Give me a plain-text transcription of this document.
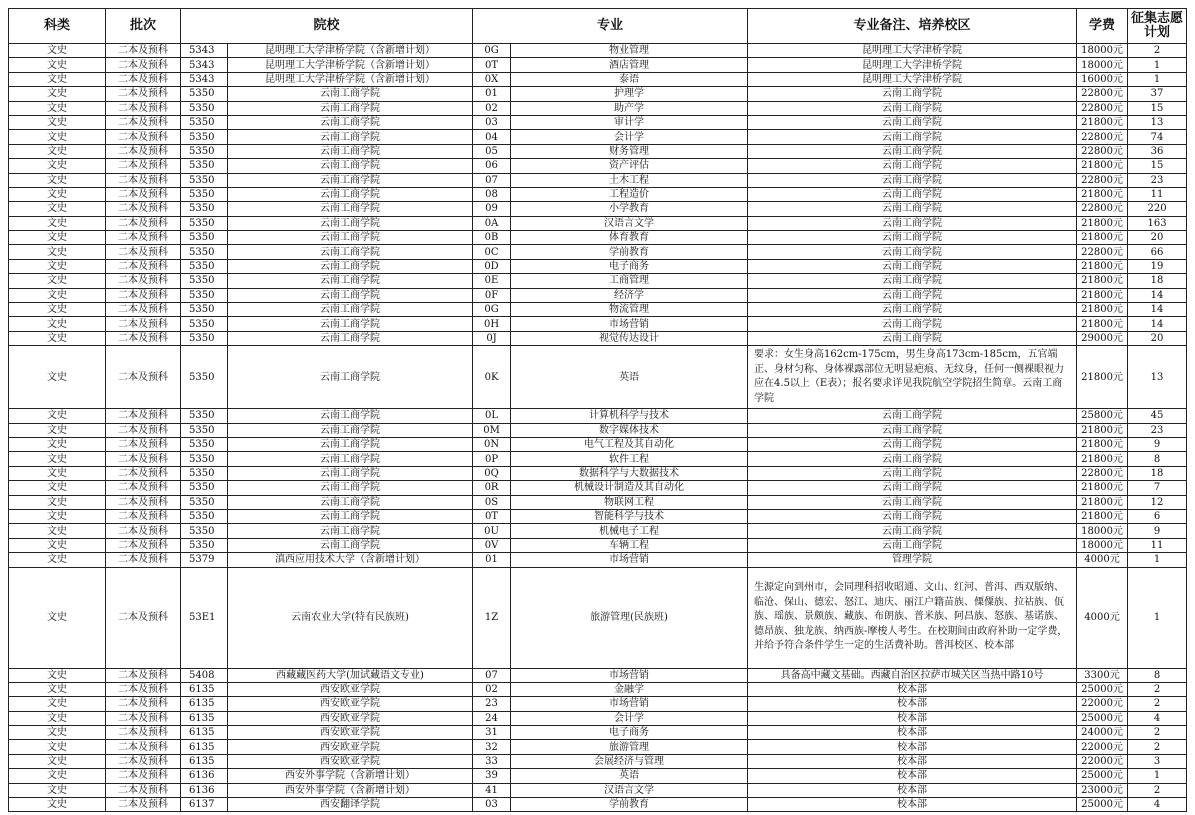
科类	批次	院校		专业		专业备注、培养校区	学费	征集志愿计划
文史	二本及预科	5343	昆明理工大学津桥学院（含新增计划）	0G	物业管理	昆明理工大学津桥学院	18000元	2
文史	二本及预科	5343	昆明理工大学津桥学院（含新增计划）	0T	酒店管理	昆明理工大学津桥学院	18000元	1
文史	二本及预科	5343	昆明理工大学津桥学院（含新增计划）	0X	泰语	昆明理工大学津桥学院	16000元	1
文史	二本及预科	5350	云南工商学院	01	护理学	云南工商学院	22800元	37
文史	二本及预科	5350	云南工商学院	02	助产学	云南工商学院	22800元	15
文史	二本及预科	5350	云南工商学院	03	审计学	云南工商学院	21800元	13
文史	二本及预科	5350	云南工商学院	04	会计学	云南工商学院	22800元	74
文史	二本及预科	5350	云南工商学院	05	财务管理	云南工商学院	22800元	36
文史	二本及预科	5350	云南工商学院	06	资产评估	云南工商学院	21800元	15
文史	二本及预科	5350	云南工商学院	07	土木工程	云南工商学院	22800元	23
文史	二本及预科	5350	云南工商学院	08	工程造价	云南工商学院	21800元	11
文史	二本及预科	5350	云南工商学院	09	小学教育	云南工商学院	22800元	220
文史	二本及预科	5350	云南工商学院	0A	汉语言文学	云南工商学院	21800元	163
文史	二本及预科	5350	云南工商学院	0B	体育教育	云南工商学院	21800元	20
文史	二本及预科	5350	云南工商学院	0C	学前教育	云南工商学院	22800元	66
文史	二本及预科	5350	云南工商学院	0D	电子商务	云南工商学院	21800元	19
文史	二本及预科	5350	云南工商学院	0E	工商管理	云南工商学院	21800元	18
文史	二本及预科	5350	云南工商学院	0F	经济学	云南工商学院	21800元	14
文史	二本及预科	5350	云南工商学院	0G	物流管理	云南工商学院	21800元	14
文史	二本及预科	5350	云南工商学院	0H	市场营销	云南工商学院	21800元	14
文史	二本及预科	5350	云南工商学院	0J	视觉传达设计	云南工商学院	29000元	20
文史	二本及预科	5350	云南工商学院	0K	英语	要求：女生身高162cm-175cm，男生身高173cm-185cm，五官端正、身材匀称、身体裸露部位无明显疤痕、无纹身，任何一侧裸眼视力应在4.5以上（E表）；报名要求详见我院航空学院招生简章。云南工商学院	21800元	13
文史	二本及预科	5350	云南工商学院	0L	计算机科学与技术	云南工商学院	25800元	45
文史	二本及预科	5350	云南工商学院	0M	数字媒体技术	云南工商学院	21800元	23
文史	二本及预科	5350	云南工商学院	0N	电气工程及其自动化	云南工商学院	21800元	9
文史	二本及预科	5350	云南工商学院	0P	软件工程	云南工商学院	21800元	8
文史	二本及预科	5350	云南工商学院	0Q	数据科学与大数据技术	云南工商学院	22800元	18
文史	二本及预科	5350	云南工商学院	0R	机械设计制造及其自动化	云南工商学院	21800元	7
文史	二本及预科	5350	云南工商学院	0S	物联网工程	云南工商学院	21800元	12
文史	二本及预科	5350	云南工商学院	0T	智能科学与技术	云南工商学院	21800元	6
文史	二本及预科	5350	云南工商学院	0U	机械电子工程	云南工商学院	18000元	9
文史	二本及预科	5350	云南工商学院	0V	车辆工程	云南工商学院	18000元	11
文史	二本及预科	5379	滇西应用技术大学（含新增计划）	01	市场营销	管理学院	4000元	1
文史	二本及预科	53E1	云南农业大学(特有民族班)	1Z	旅游管理(民族班)	生源定向到州市，会同理科招收昭通、文山、红河、普洱、西双版纳、临沧、保山、德宏、怒江、迪庆、丽江户籍苗族、傈僳族、拉祜族、佤族、瑶族、景颇族、藏族、布朗族、普米族、阿昌族、怒族、基诺族、德昂族、独龙族、纳西族-摩梭人考生。在校期间由政府补助一定学费，并给予符合条件学生一定的生活费补助。普洱校区、校本部	4000元	1
文史	二本及预科	5408	西藏藏医药大学(加试藏语文专业)	07	市场营销	具备高中藏文基础。西藏自治区拉萨市城关区当热中路10号	3300元	8
文史	二本及预科	6135	西安欧亚学院	02	金融学	校本部	25000元	2
文史	二本及预科	6135	西安欧亚学院	23	市场营销	校本部	22000元	2
文史	二本及预科	6135	西安欧亚学院	24	会计学	校本部	25000元	4
文史	二本及预科	6135	西安欧亚学院	31	电子商务	校本部	24000元	2
文史	二本及预科	6135	西安欧亚学院	32	旅游管理	校本部	22000元	2
文史	二本及预科	6135	西安欧亚学院	33	会展经济与管理	校本部	22000元	3
文史	二本及预科	6136	西安外事学院（含新增计划）	39	英语	校本部	25000元	1
文史	二本及预科	6136	西安外事学院（含新增计划）	41	汉语言文学	校本部	23000元	2
文史	二本及预科	6137	西安翻译学院	03	学前教育	校本部	25000元	4
